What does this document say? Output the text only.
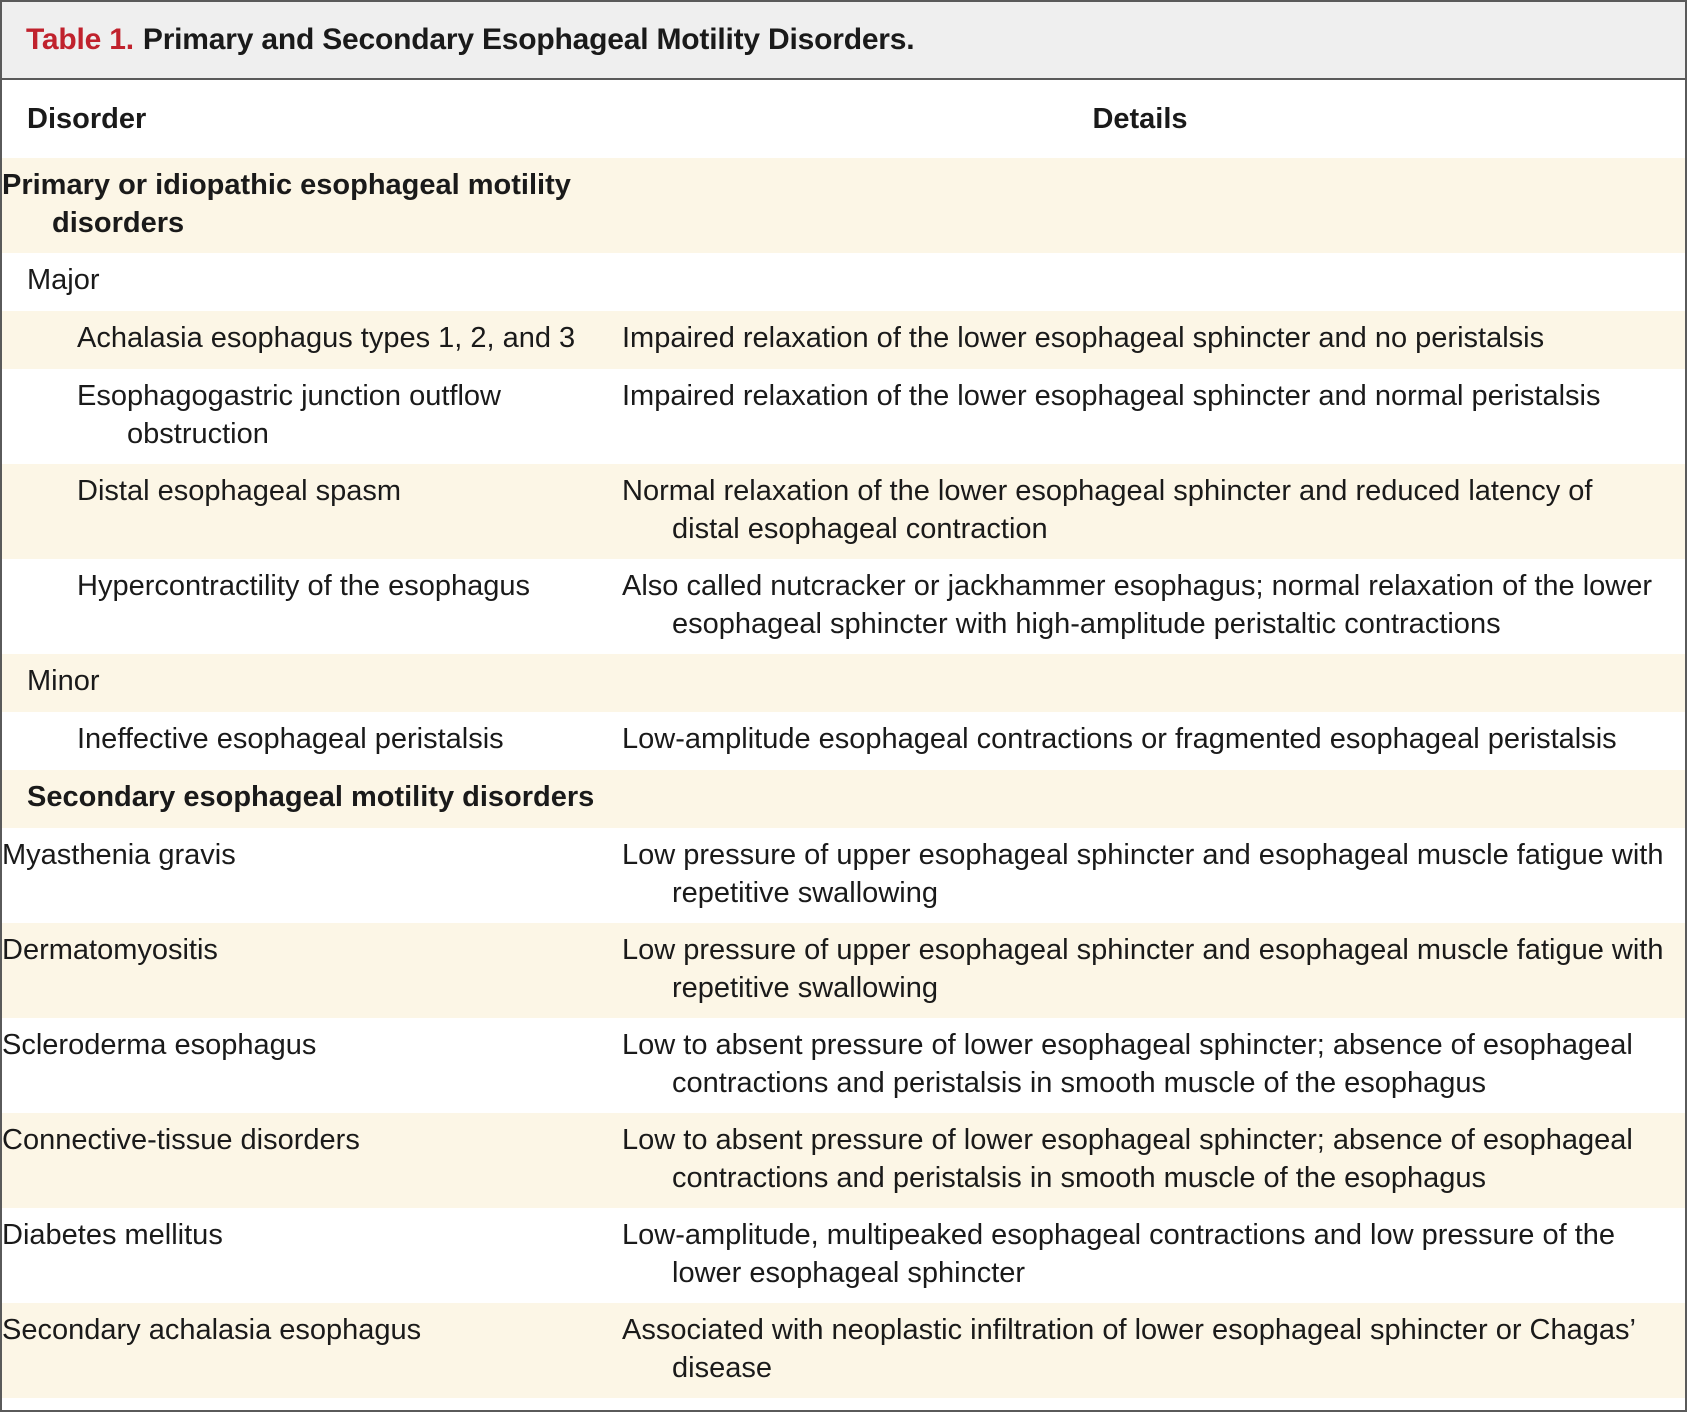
Table 1. Primary and Secondary Esophageal Motility Disorders.
Disorder	Details

Primary or idiopathic esophageal motility disorders	

Major	

Achalasia esophagus types 1, 2, and 3	Impaired relaxation of the lower esophageal sphincter and no peristalsis

Esophagogastric junction outflow obstruction	Impaired relaxation of the lower esophageal sphincter and normal peristalsis

Distal esophageal spasm	Normal relaxation of the lower esophageal sphincter and reduced latency of distal esophageal contraction

Hypercontractility of the esophagus	Also called nutcracker or jackhammer esophagus; normal relaxation of the lower esophageal sphincter with high-amplitude peristaltic contractions

Minor	

Ineffective esophageal peristalsis	Low-amplitude esophageal contractions or fragmented esophageal peristalsis

Secondary esophageal motility disorders	

Myasthenia gravis	Low pressure of upper esophageal sphincter and esophageal muscle fatigue with repetitive swallowing

Dermatomyositis	Low pressure of upper esophageal sphincter and esophageal muscle fatigue with repetitive swallowing

Scleroderma esophagus	Low to absent pressure of lower esophageal sphincter; absence of esophageal contractions and peristalsis in smooth muscle of the esophagus

Connective-tissue disorders	Low to absent pressure of lower esophageal sphincter; absence of esophageal contractions and peristalsis in smooth muscle of the esophagus

Diabetes mellitus	Low-amplitude, multipeaked esophageal contractions and low pressure of the lower esophageal sphincter

Secondary achalasia esophagus	Associated with neoplastic infiltration of lower esophageal sphincter or Chagas’ disease
